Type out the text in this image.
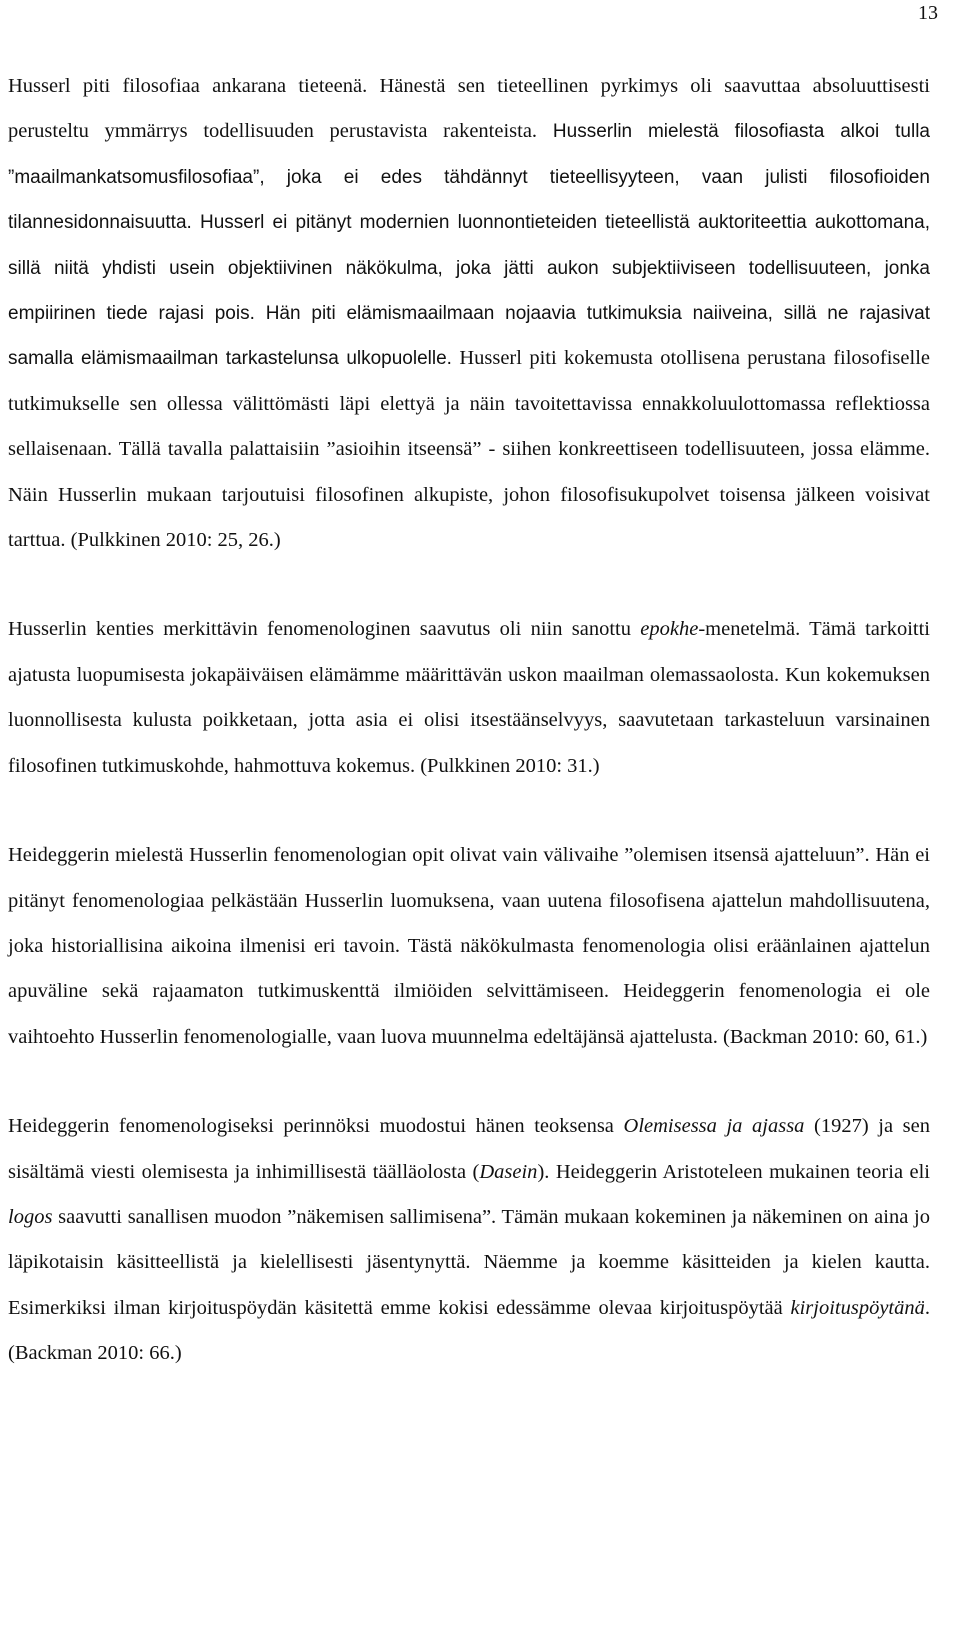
13

Husserl piti filosofiaa ankarana tieteenä. Hänestä sen tieteellinen pyrkimys oli saavuttaa absoluuttisesti perusteltu ymmärrys todellisuuden perustavista rakenteista. Husserlin mielestä filosofiasta alkoi tulla ”maailmankatsomusfilosofiaa”, joka ei edes tähdännyt tieteellisyyteen, vaan julisti filosofioiden tilannesidonnaisuutta. Husserl ei pitänyt modernien luonnontieteiden tieteellistä auktoriteettia aukottomana, sillä niitä yhdisti usein objektiivinen näkökulma, joka jätti aukon subjektiiviseen todellisuuteen, jonka empiirinen tiede rajasi pois. Hän piti elämismaailmaan nojaavia tutkimuksia naiiveina, sillä ne rajasivat samalla elämismaailman tarkastelunsa ulkopuolelle. Husserl piti kokemusta otollisena perustana filosofiselle tutkimukselle sen ollessa välittömästi läpi elettyä ja näin tavoitettavissa ennakkoluulottomassa reflektiossa sellaisenaan. Tällä tavalla palattaisiin ”asioihin itseensä” - siihen konkreettiseen todellisuuteen, jossa elämme. Näin Husserlin mukaan tarjoutuisi filosofinen alkupiste, johon filosofisukupolvet toisensa jälkeen voisivat tarttua. (Pulkkinen 2010: 25, 26.)

Husserlin kenties merkittävin fenomenologinen saavutus oli niin sanottu epokhe-menetelmä. Tämä tarkoitti ajatusta luopumisesta jokapäiväisen elämämme määrittävän uskon maailman olemassaolosta. Kun kokemuksen luonnollisesta kulusta poikketaan, jotta asia ei olisi itsestäänselvyys, saavutetaan tarkasteluun varsinainen filosofinen tutkimuskohde, hahmottuva kokemus. (Pulkkinen 2010: 31.)

Heideggerin mielestä Husserlin fenomenologian opit olivat vain välivaihe ”olemisen itsensä ajatteluun”. Hän ei pitänyt fenomenologiaa pelkästään Husserlin luomuksena, vaan uutena filosofisena ajattelun mahdollisuutena, joka historiallisina aikoina ilmenisi eri tavoin. Tästä näkökulmasta fenomenologia olisi eräänlainen ajattelun apuväline sekä rajaamaton tutkimuskenttä ilmiöiden selvittämiseen. Heideggerin fenomenologia ei ole vaihtoehto Husserlin fenomenologialle, vaan luova muunnelma edeltäjänsä ajattelusta. (Backman 2010: 60, 61.)

Heideggerin fenomenologiseksi perinnöksi muodostui hänen teoksensa Olemisessa ja ajassa (1927) ja sen sisältämä viesti olemisesta ja inhimillisestä täälläolosta (Dasein). Heideggerin Aristoteleen mukainen teoria eli logos saavutti sanallisen muodon ”näkemisen sallimisena”. Tämän mukaan kokeminen ja näkeminen on aina jo läpikotaisin käsitteellistä ja kielellisesti jäsentynyttä. Näemme ja koemme käsitteiden ja kielen kautta. Esimerkiksi ilman kirjoituspöydän käsitettä emme kokisi edessämme olevaa kirjoituspöytää kirjoituspöytänä. (Backman 2010: 66.)
